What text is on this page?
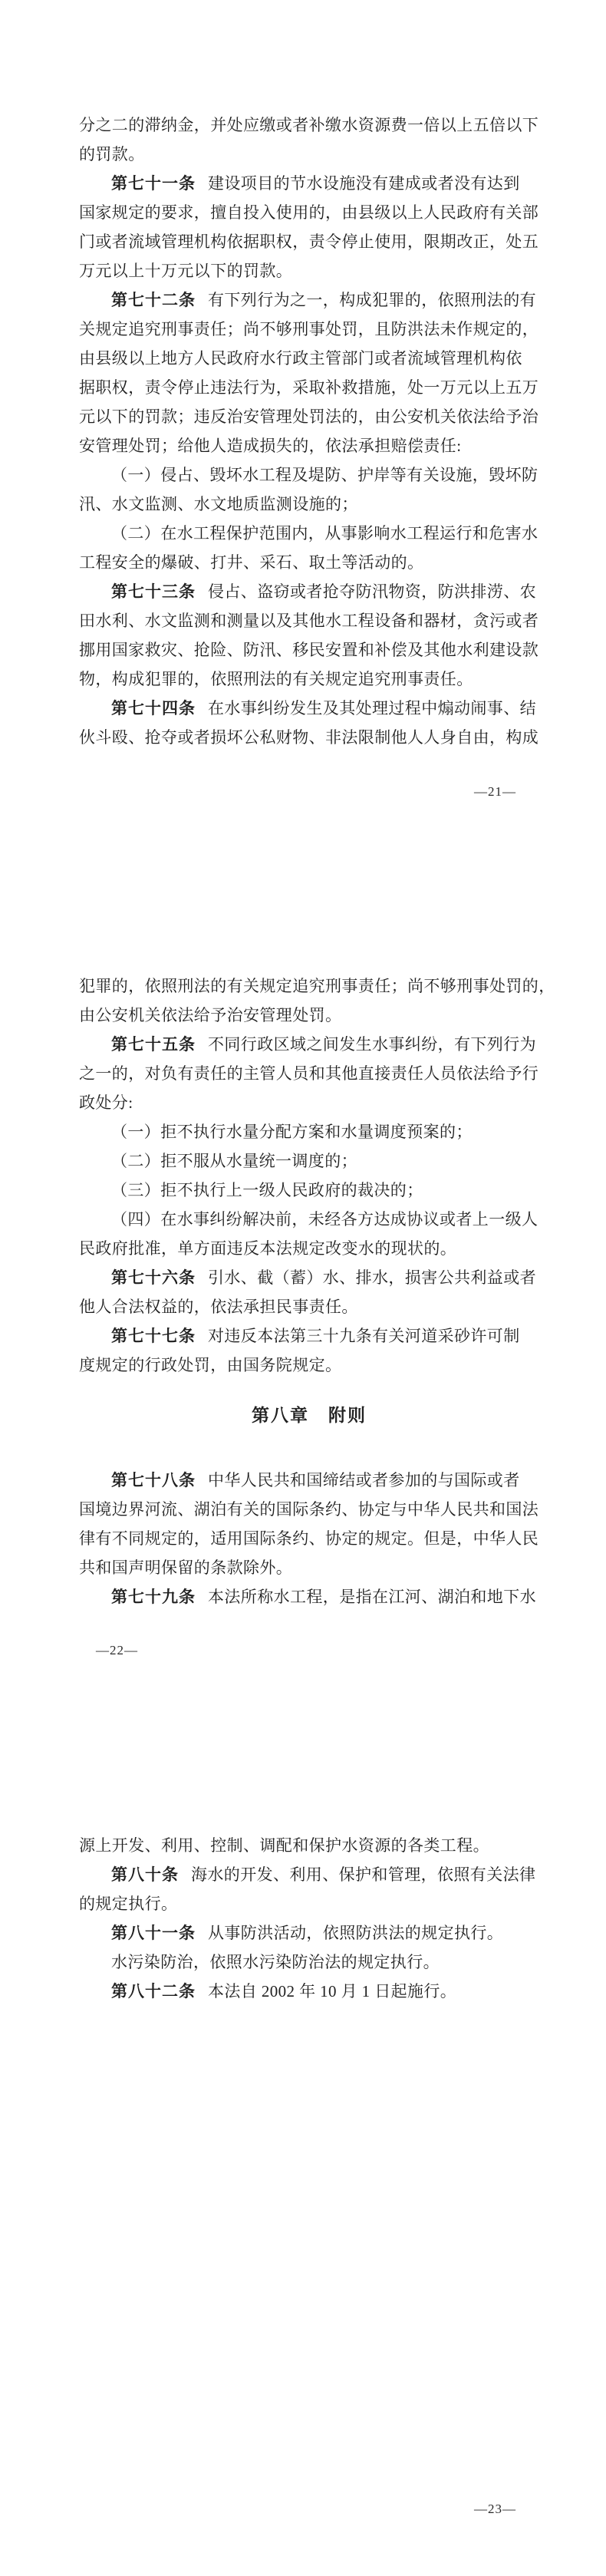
分之二的滞纳金，并处应缴或者补缴水资源费一倍以上五倍以下
的罚款。
第七十一条 建设项目的节水设施没有建成或者没有达到
国家规定的要求，擅自投入使用的，由县级以上人民政府有关部
门或者流域管理机构依据职权，责令停止使用，限期改正，处五
万元以上十万元以下的罚款。
第七十二条 有下列行为之一，构成犯罪的，依照刑法的有
关规定追究刑事责任；尚不够刑事处罚，且防洪法未作规定的，
由县级以上地方人民政府水行政主管部门或者流域管理机构依
据职权，责令停止违法行为，采取补救措施，处一万元以上五万
元以下的罚款；违反治安管理处罚法的，由公安机关依法给予治
安管理处罚；给他人造成损失的，依法承担赔偿责任:
（一）侵占、毁坏水工程及堤防、护岸等有关设施，毁坏防
汛、水文监测、水文地质监测设施的；
（二）在水工程保护范围内，从事影响水工程运行和危害水
工程安全的爆破、打井、采石、取土等活动的。
第七十三条 侵占、盗窃或者抢夺防汛物资，防洪排涝、农
田水利、水文监测和测量以及其他水工程设备和器材，贪污或者
挪用国家救灾、抢险、防汛、移民安置和补偿及其他水利建设款
物，构成犯罪的，依照刑法的有关规定追究刑事责任。
第七十四条 在水事纠纷发生及其处理过程中煽动闹事、结
伙斗殴、抢夺或者损坏公私财物、非法限制他人人身自由，构成
—21—
犯罪的，依照刑法的有关规定追究刑事责任；尚不够刑事处罚的，
由公安机关依法给予治安管理处罚。
第七十五条 不同行政区域之间发生水事纠纷，有下列行为
之一的，对负有责任的主管人员和其他直接责任人员依法给予行
政处分:
（一）拒不执行水量分配方案和水量调度预案的；
（二）拒不服从水量统一调度的；
（三）拒不执行上一级人民政府的裁决的；
（四）在水事纠纷解决前，未经各方达成协议或者上一级人
民政府批准，单方面违反本法规定改变水的现状的。
第七十六条 引水、截（蓄）水、排水，损害公共利益或者
他人合法权益的，依法承担民事责任。
第七十七条 对违反本法第三十九条有关河道采砂许可制
度规定的行政处罚，由国务院规定。
第八章　附则
第七十八条 中华人民共和国缔结或者参加的与国际或者
国境边界河流、湖泊有关的国际条约、协定与中华人民共和国法
律有不同规定的，适用国际条约、协定的规定。但是，中华人民
共和国声明保留的条款除外。
第七十九条 本法所称水工程，是指在江河、湖泊和地下水
—22—
源上开发、利用、控制、调配和保护水资源的各类工程。
第八十条 海水的开发、利用、保护和管理，依照有关法律
的规定执行。
第八十一条 从事防洪活动，依照防洪法的规定执行。
水污染防治，依照水污染防治法的规定执行。
第八十二条 本法自 2002 年 10 月 1 日起施行。
—23—
